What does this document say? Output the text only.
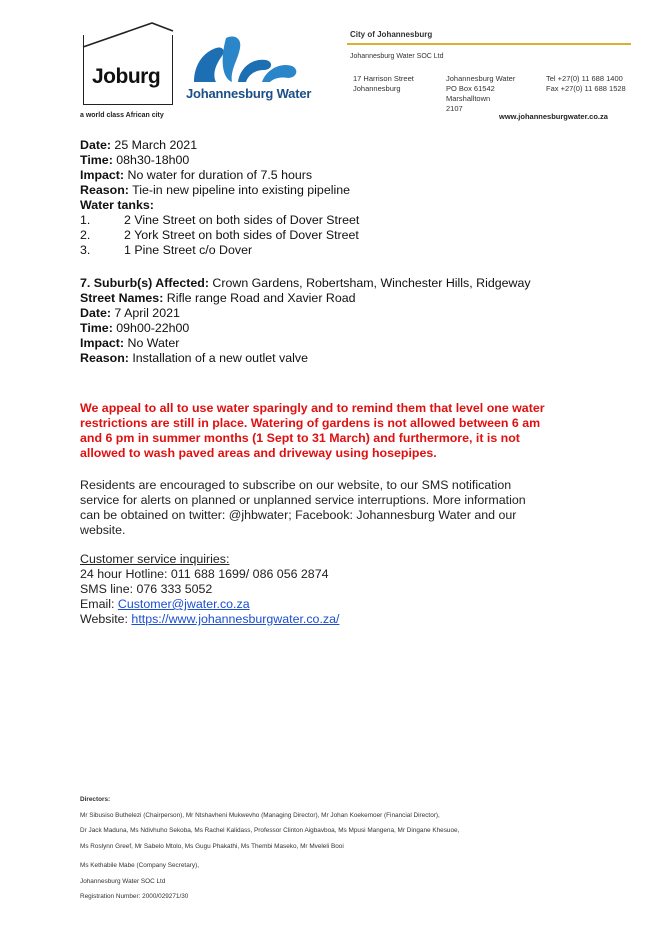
Joburg
a world class African city
Johannesburg Water
City of Johannesburg
Johannesburg Water SOC Ltd
17 Harrison Street
Johannesburg
Johannesburg Water
PO Box 61542
Marshalltown
2107
Tel +27(0) 11 688 1400
Fax +27(0) 11 688 1528
www.johannesburgwater.co.za
Date: 25 March 2021
Time: 08h30-18h00
Impact: No water for duration of 7.5 hours
Reason: Tie-in new pipeline into existing pipeline
Water tanks:
1.	2 Vine Street on both sides of Dover Street
2.	2 York Street on both sides of Dover Street
3.	1 Pine Street c/o Dover
7. Suburb(s) Affected: Crown Gardens, Robertsham, Winchester Hills, Ridgeway
Street Names: Rifle range Road and Xavier Road
Date: 7 April 2021
Time: 09h00-22h00
Impact: No Water
Reason: Installation of a new outlet valve
We appeal to all to use water sparingly and to remind them that level one water
restrictions are still in place. Watering of gardens is not allowed between 6 am
and 6 pm in summer months (1 Sept to 31 March) and furthermore, it is not
allowed to wash paved areas and driveway using hosepipes.
Residents are encouraged to subscribe on our website, to our SMS notification
service for alerts on planned or unplanned service interruptions. More information
can be obtained on twitter: @jhbwater; Facebook: Johannesburg Water and our
website.
Customer service inquiries:
24 hour Hotline: 011 688 1699/ 086 056 2874
SMS line: 076 333 5052
Email: Customer@jwater.co.za
Website: https://www.johannesburgwater.co.za/
Directors:
Mr Sibusiso Buthelezi (Chairperson), Mr Ntshavheni Mukwevho (Managing Director), Mr Johan Koekemoer (Financial Director),
Dr Jack Maduna, Ms Ndivhuho Sekoba, Ms Rachel Kalidass, Professor Clinton Aigbavboa, Ms Mpusi Mangena, Mr Dingane Khesuoe,
Ms Roslynn Greef, Mr Sabelo Mtolo, Ms Gugu Phakathi, Ms Thembi Maseko, Mr Mveleli Booi
Ms Kethabile Mabe (Company Secretary),
Johannesburg Water SOC Ltd
Registration Number: 2000/029271/30
